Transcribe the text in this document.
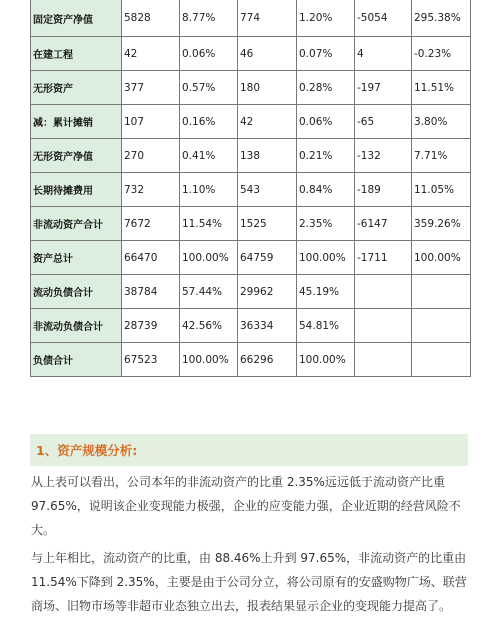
固定资产净值	5828	8.77%	774	1.20%	-5054	295.38%
在建工程	42	0.06%	46	0.07%	4	-0.23%
无形资产	377	0.57%	180	0.28%	-197	11.51%
减：累计摊销	107	0.16%	42	0.06%	-65	3.80%
无形资产净值	270	0.41%	138	0.21%	-132	7.71%
长期待摊费用	732	1.10%	543	0.84%	-189	11.05%
非流动资产合计	7672	11.54%	1525	2.35%	-6147	359.26%
资产总计	66470	100.00%	64759	100.00%	-1711	100.00%
流动负债合计	38784	57.44%	29962	45.19%		
非流动负债合计	28739	42.56%	36334	54.81%		
负债合计	67523	100.00%	66296	100.00%		
1、资产规模分析:

从上表可以看出，公司本年的非流动资产的比重 2.35%远远低于流动资产比重
97.65%，说明该企业变现能力极强，企业的应变能力强，企业近期的经营风险不
大。

与上年相比，流动资产的比重，由 88.46%上升到 97.65%，非流动资产的比重由
11.54%下降到 2.35%，主要是由于公司分立，将公司原有的安盛购物广场、联营
商场、旧物市场等非超市业态独立出去，报表结果显示企业的变现能力提高了。
